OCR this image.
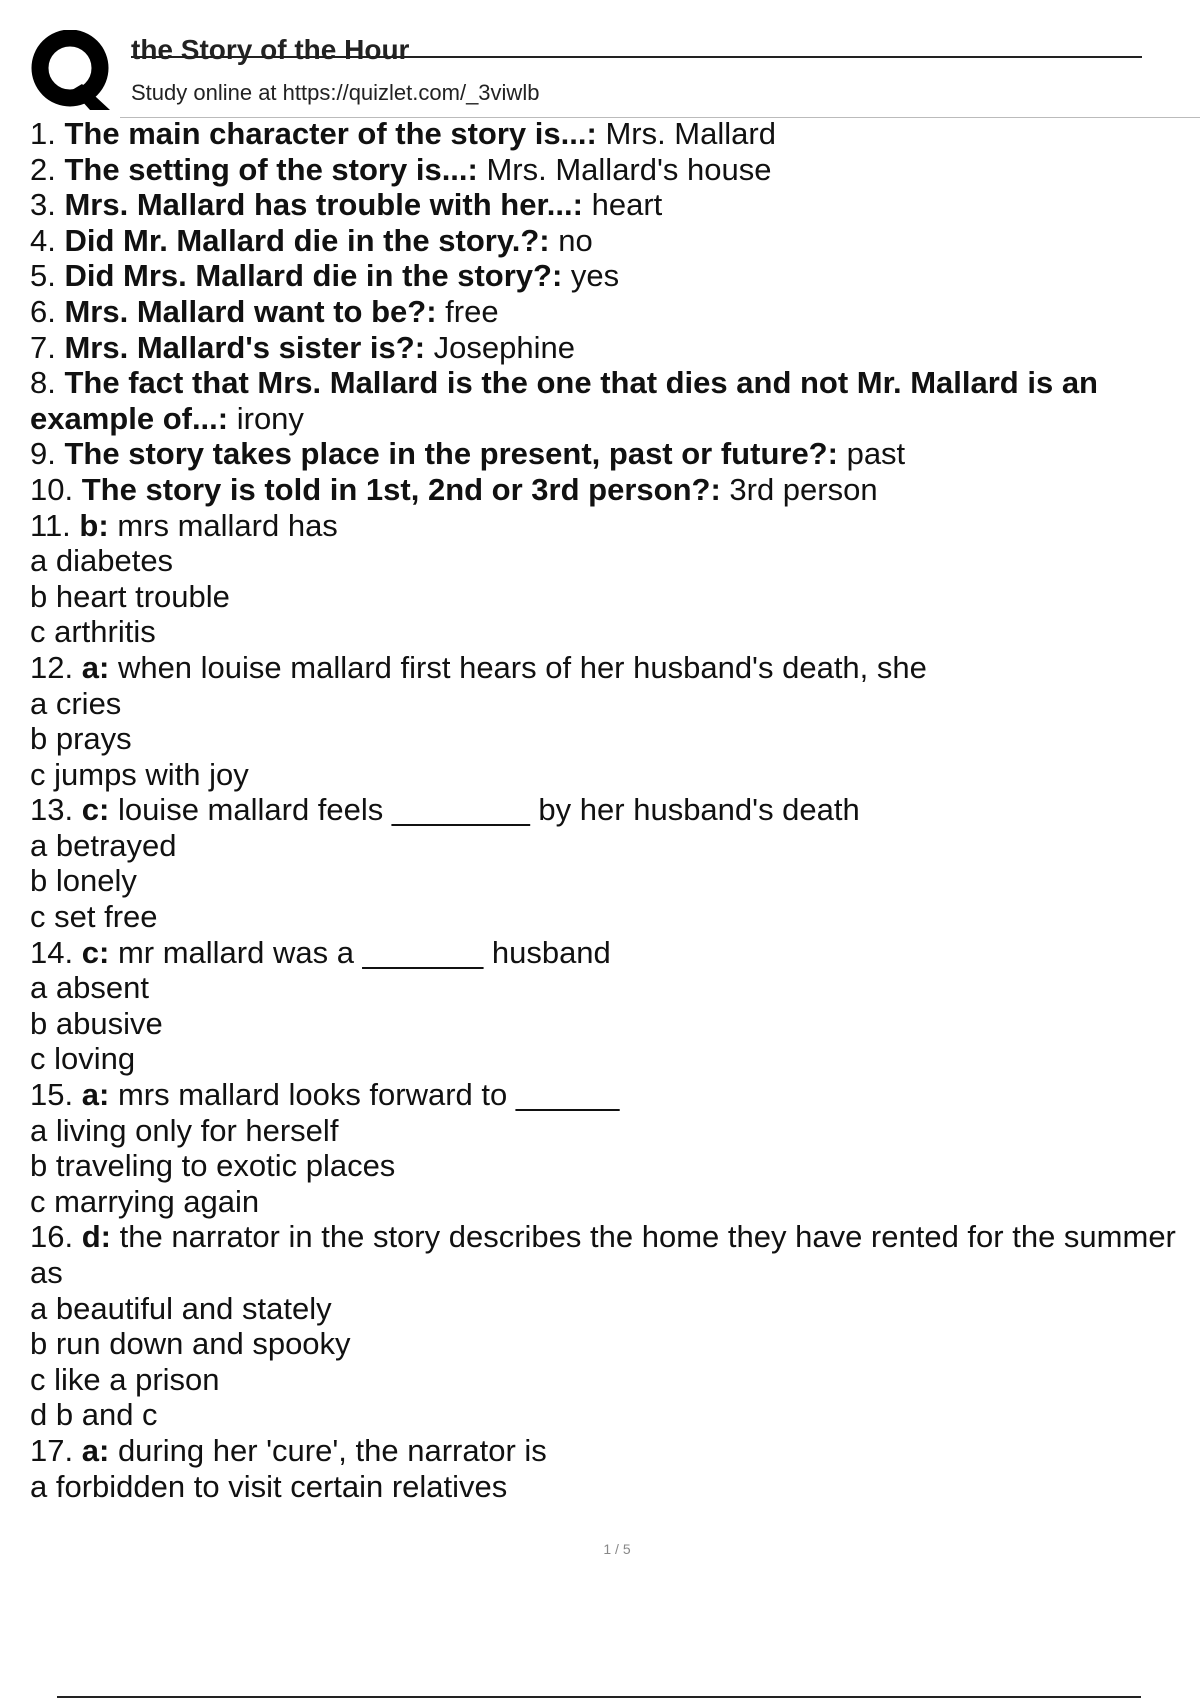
the Story of the Hour
Study online at https://quizlet.com/_3viwlb
1. The main character of the story is...: Mrs. Mallard
2. The setting of the story is...: Mrs. Mallard's house
3. Mrs. Mallard has trouble with her...: heart
4. Did Mr. Mallard die in the story.?: no
5. Did Mrs. Mallard die in the story?: yes
6. Mrs. Mallard want to be?: free
7. Mrs. Mallard's sister is?: Josephine
8. The fact that Mrs. Mallard is the one that dies and not Mr. Mallard is an
example of...: irony
9. The story takes place in the present, past or future?: past
10. The story is told in 1st, 2nd or 3rd person?: 3rd person
11. b: mrs mallard has
a diabetes
b heart trouble
c arthritis
12. a: when louise mallard first hears of her husband's death, she
a cries
b prays
c jumps with joy
13. c: louise mallard feels ________ by her husband's death
a betrayed
b lonely
c set free
14. c: mr mallard was a _______ husband
a absent
b abusive
c loving
15. a: mrs mallard looks forward to ______
a living only for herself
b traveling to exotic places
c marrying again
16. d: the narrator in the story describes the home they have rented for the summer
as
a beautiful and stately
b run down and spooky
c like a prison
d b and c
17. a: during her 'cure', the narrator is
a forbidden to visit certain relatives
1 / 5
